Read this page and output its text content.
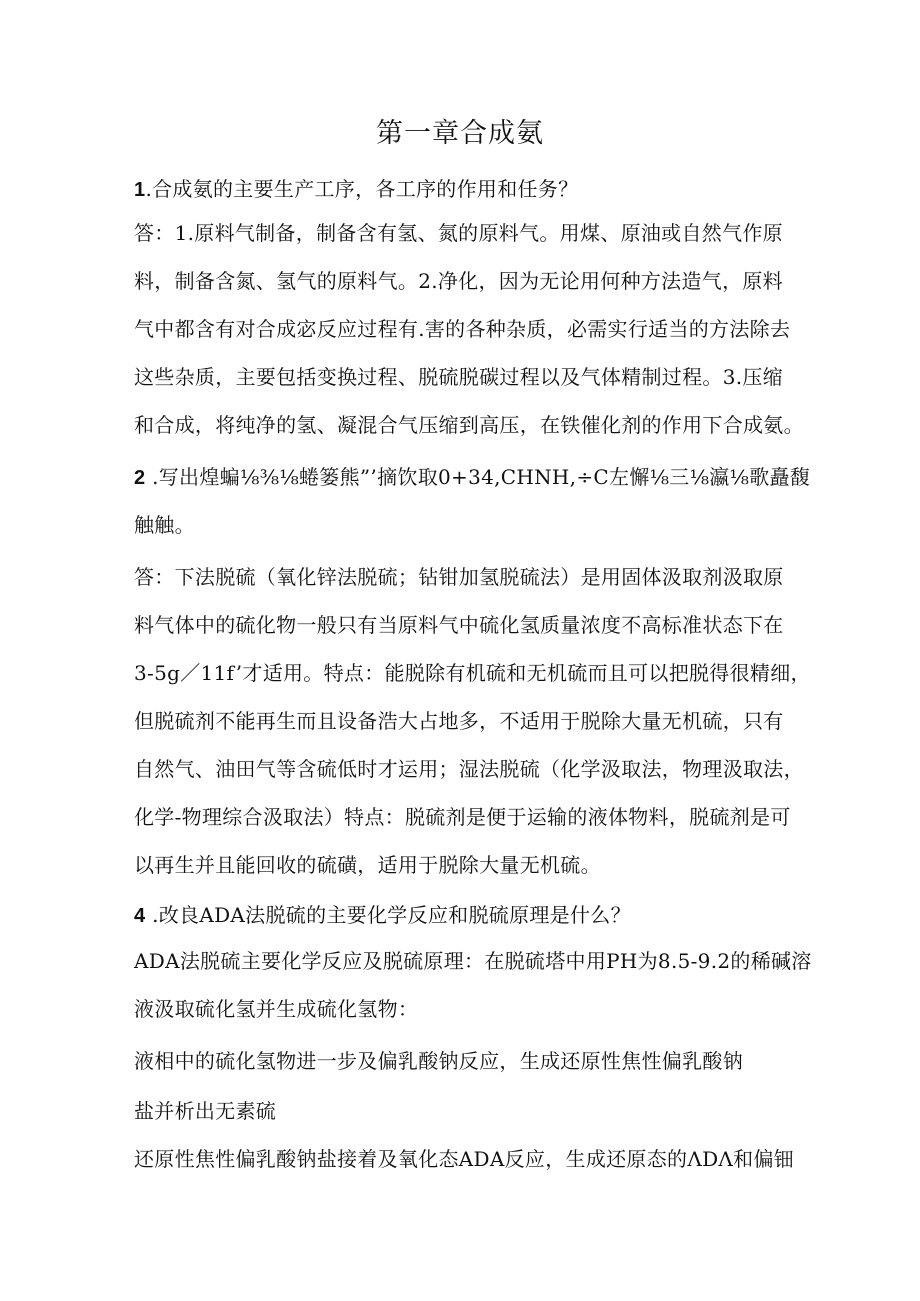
第一章合成氨
1.合成氨的主要生产工序，各工序的作用和任务？
答：1.原料气制备，制备含有氢、氮的原料气。用煤、原油或自然气作原
料，制备含氮、氢气的原料气。2.净化，因为无论用何种方法造气，原料
气中都含有对合成宓反应过程有.害的各种杂质，必需实行适当的方法除去
这些杂质，主要包括变换过程、脱硫脱碳过程以及气体精制过程。3.压缩
和合成，将纯净的氢、凝混合气压缩到高压，在铁催化剂的作用下合成氨。
2 .写出煌蝙⅛⅜⅛蜷篓熊”’摘饮取0+34,CHNH,÷C左懈⅛三⅛瀛⅛歌矗馥
触触。
答：下法脱硫（氧化锌法脱硫；钻钳加氢脱硫法）是用固体汲取剂汲取原
料气体中的硫化物一般只有当原料气中硫化氢质量浓度不高标准状态下在
3-5g／11f’才适用。特点：能脱除有机硫和无机硫而且可以把脱得很精细，
但脱硫剂不能再生而且设备浩大占地多，不适用于脱除大量无机硫，只有
自然气、油田气等含硫低时才运用；湿法脱硫（化学汲取法，物理汲取法，
化学-物理综合汲取法）特点：脱硫剂是便于运输的液体物料，脱硫剂是可
以再生并且能回收的硫磺，适用于脱除大量无机硫。
4 .改良ADA法脱硫的主要化学反应和脱硫原理是什么？
ADA法脱硫主要化学反应及脱硫原理：在脱硫塔中用PH为8.5-9.2的稀碱溶
液汲取硫化氢并生成硫化氢物：
液相中的硫化氢物进一步及偏乳酸钠反应，生成还原性焦性偏乳酸钠
盐并析出无素硫
还原性焦性偏乳酸钠盐接着及氧化态ADA反应，生成还原态的ΛDΛ和偏钿
